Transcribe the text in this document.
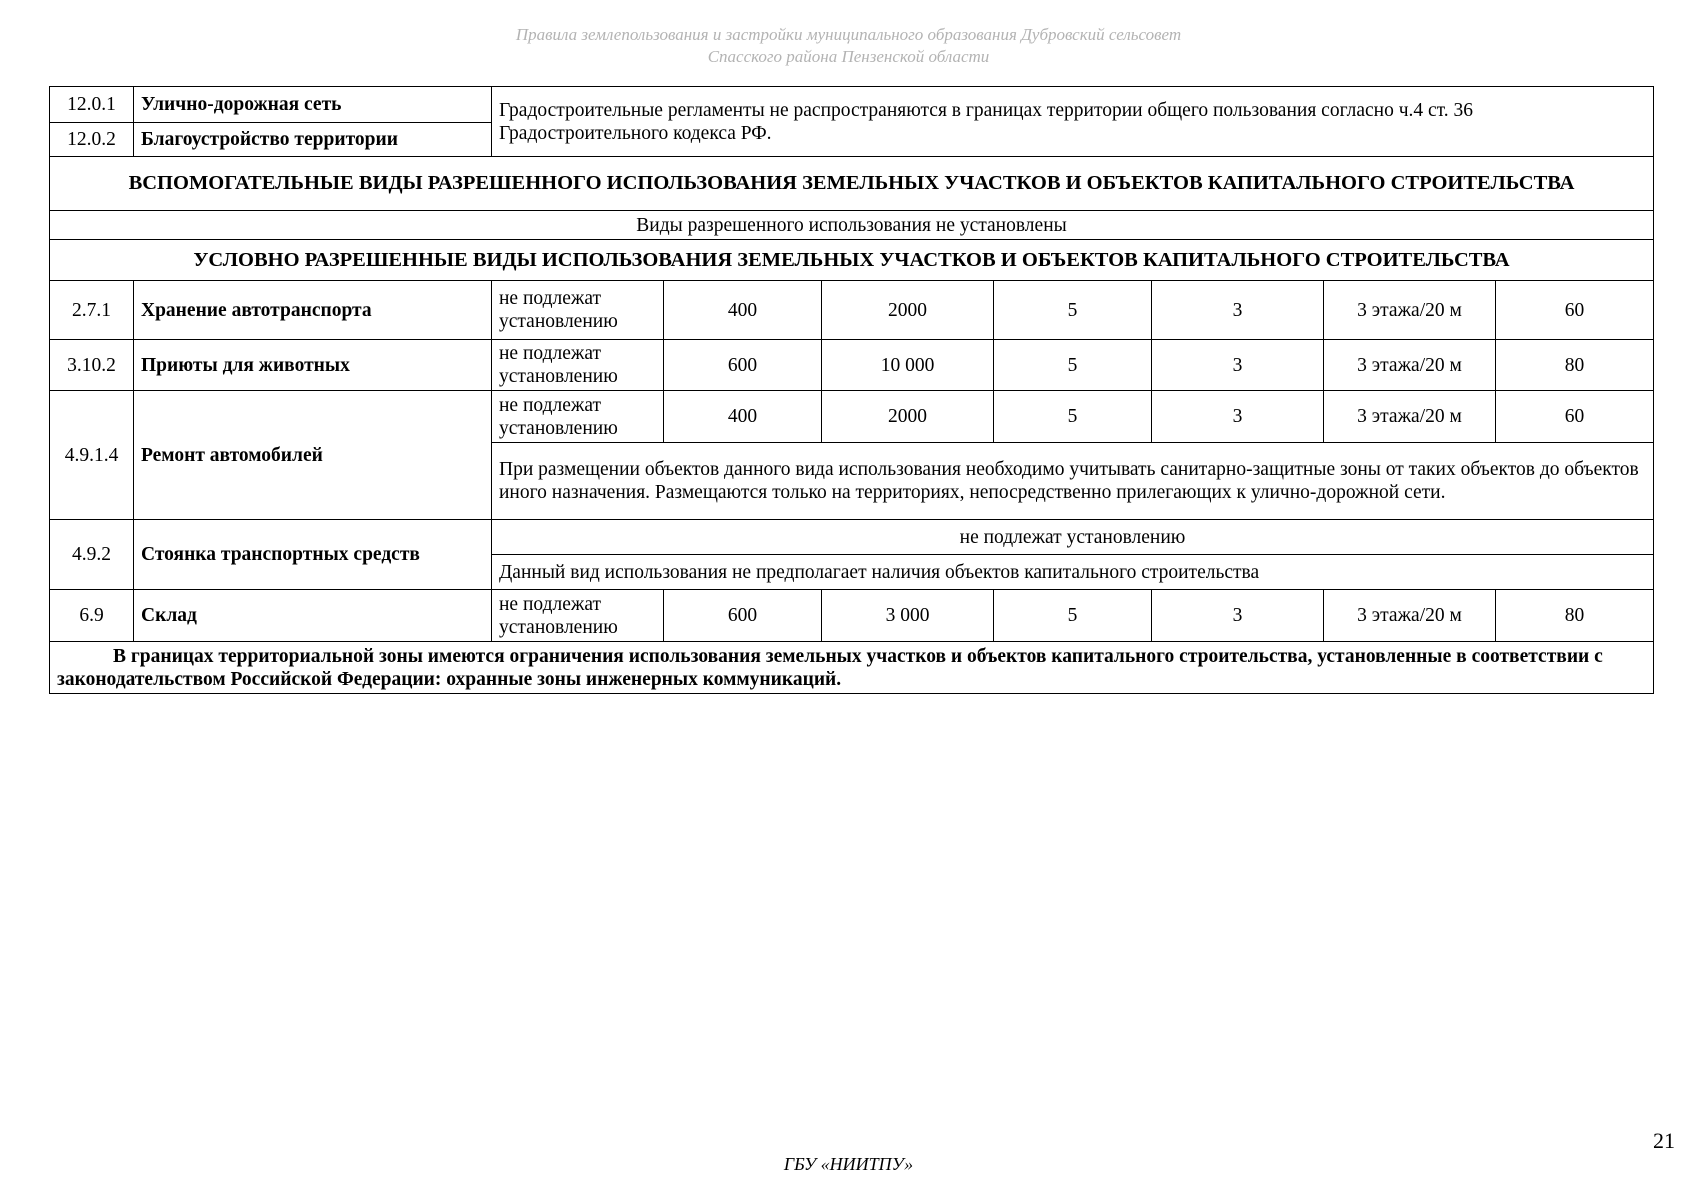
Правила землепользования и застройки муниципального образования Дубровский сельсовет
Спасского района Пензенской области
12.0.1	Улично-дорожная сеть	Градостроительные регламенты не распространяются в границах территории общего пользования согласно ч.4 ст. 36 Градостроительного кодекса РФ.						
12.0.2	Благоустройство территории							
ВСПОМОГАТЕЛЬНЫЕ ВИДЫ РАЗРЕШЕННОГО ИСПОЛЬЗОВАНИЯ ЗЕМЕЛЬНЫХ УЧАСТКОВ И ОБЪЕКТОВ КАПИТАЛЬНОГО СТРОИТЕЛЬСТВА								
Виды разрешенного использования не установлены								
УСЛОВНО РАЗРЕШЕННЫЕ ВИДЫ ИСПОЛЬЗОВАНИЯ ЗЕМЕЛЬНЫХ УЧАСТКОВ И ОБЪЕКТОВ КАПИТАЛЬНОГО СТРОИТЕЛЬСТВА								
2.7.1	Хранение автотранспорта	не подлежат установлению	400	2000	5	3	3 этажа/20 м	60
3.10.2	Приюты для животных	не подлежат установлению	600	10 000	5	3	3 этажа/20 м	80
4.9.1.4	Ремонт автомобилей	не подлежат установлению	400	2000	5	3	3 этажа/20 м	60
		При размещении объектов данного вида использования необходимо учитывать санитарно-защитные зоны от таких объектов до объектов иного назначения. Размещаются только на территориях, непосредственно прилегающих к улично-дорожной сети.						
4.9.2	Стоянка транспортных средств	не подлежат установлению						
		Данный вид использования не предполагает наличия объектов капитального строительства						
6.9	Склад	не подлежат установлению	600	3 000	5	3	3 этажа/20 м	80
В границах территориальной зоны имеются ограничения использования земельных участков и объектов капитального строительства, установленные в соответствии с законодательством Российской Федерации: охранные зоны инженерных коммуникаций.								
ГБУ «НИИТПУ»
21
